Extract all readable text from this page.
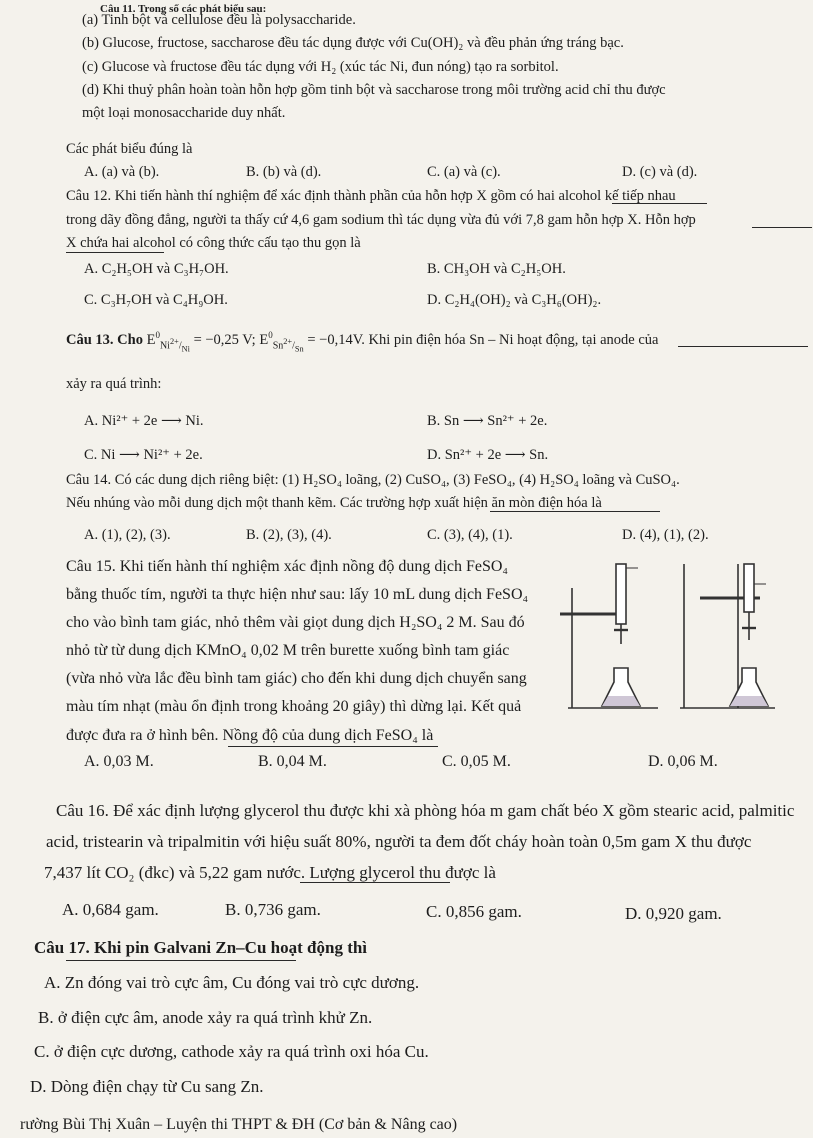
Câu 11. Trong số các phát biểu sau:
(a) Tinh bột và cellulose đều là polysaccharide.
(b) Glucose, fructose, saccharose đều tác dụng được với Cu(OH)₂ và đều phản ứng tráng bạc.
(c) Glucose và fructose đều tác dụng với H₂ (xúc tác Ni, đun nóng) tạo ra sorbitol.
(d) Khi thuỷ phân hoàn toàn hỗn hợp gồm tinh bột và saccharose trong môi trường acid chỉ thu được
một loại monosaccharide duy nhất.
Các phát biểu đúng là
A. (a) và (b).	B. (b) và (d).	C. (a) và (c).	D. (c) và (d).
Câu 12. Khi tiến hành thí nghiệm để xác định thành phần của hỗn hợp X gồm có hai alcohol kế tiếp nhau
trong dãy đồng đẳng, người ta thấy cứ 4,6 gam sodium thì tác dụng vừa đủ với 7,8 gam hỗn hợp X. Hỗn hợp
X chứa hai alcohol có công thức cấu tạo thu gọn là
A. C₂H₅OH và C₃H₇OH.	B. CH₃OH và C₂H₅OH.
C. C₃H₇OH và C₄H₉OH.	D. C₂H₄(OH)₂ và C₃H₆(OH)₂.
Câu 13. Cho $E^0Ni^{2+}/_{Ni} = -0,25$ V; $E^0Sn^{2+}/_{Sn} = -0,14V$. Khi pin điện hóa Sn – Ni hoạt động, tại anode của
xảy ra quá trình:
A. Ni²⁺ + 2e ⟶ Ni.	B. Sn ⟶ Sn²⁺ + 2e.
C. Ni ⟶ Ni²⁺ + 2e.	D. Sn²⁺ + 2e ⟶ Sn.
Câu 14. Có các dung dịch riêng biệt: (1) H₂SO₄ loãng, (2) CuSO₄, (3) FeSO₄, (4) H₂SO₄ loãng và CuSO₄.
Nếu nhúng vào mỗi dung dịch một thanh kẽm. Các trường hợp xuất hiện ăn mòn điện hóa là
A. (1), (2), (3).	B. (2), (3), (4).	C. (3), (4), (1).	D. (4), (1), (2).
Câu 15. Khi tiến hành thí nghiệm xác định nồng độ dung dịch FeSO₄
bằng thuốc tím, người ta thực hiện như sau: lấy 10 mL dung dịch FeSO₄
cho vào bình tam giác, nhỏ thêm vài giọt dung dịch H₂SO₄ 2 M. Sau đó
nhỏ từ từ dung dịch KMnO₄ 0,02 M trên burette xuống bình tam giác
(vừa nhỏ vừa lắc đều bình tam giác) cho đến khi dung dịch chuyển sang
màu tím nhạt (màu ổn định trong khoảng 20 giây) thì dừng lại. Kết quả
được đưa ra ở hình bên. Nồng độ của dung dịch FeSO₄ là
A. 0,03 M.	B. 0,04 M.	C. 0,05 M.	D. 0,06 M.
Câu 16. Để xác định lượng glycerol thu được khi xà phòng hóa m gam chất béo X gồm stearic acid, palmitic
acid, tristearin và tripalmitin với hiệu suất 80%, người ta đem đốt cháy hoàn toàn 0,5m gam X thu được
7,437 lít CO₂ (đkc) và 5,22 gam nước. Lượng glycerol thu được là
A. 0,684 gam.	B. 0,736 gam.	C. 0,856 gam.	D. 0,920 gam.
Câu 17. Khi pin Galvani Zn–Cu hoạt động thì
A. Zn đóng vai trò cực âm, Cu đóng vai trò cực dương.
B. ở điện cực âm, anode xảy ra quá trình khử Zn.
C. ở điện cực dương, cathode xảy ra quá trình oxi hóa Cu.
D. Dòng điện chạy từ Cu sang Zn.
rường Bùi Thị Xuân – Luyện thi THPT & ĐH (Cơ bản & Nâng cao)
